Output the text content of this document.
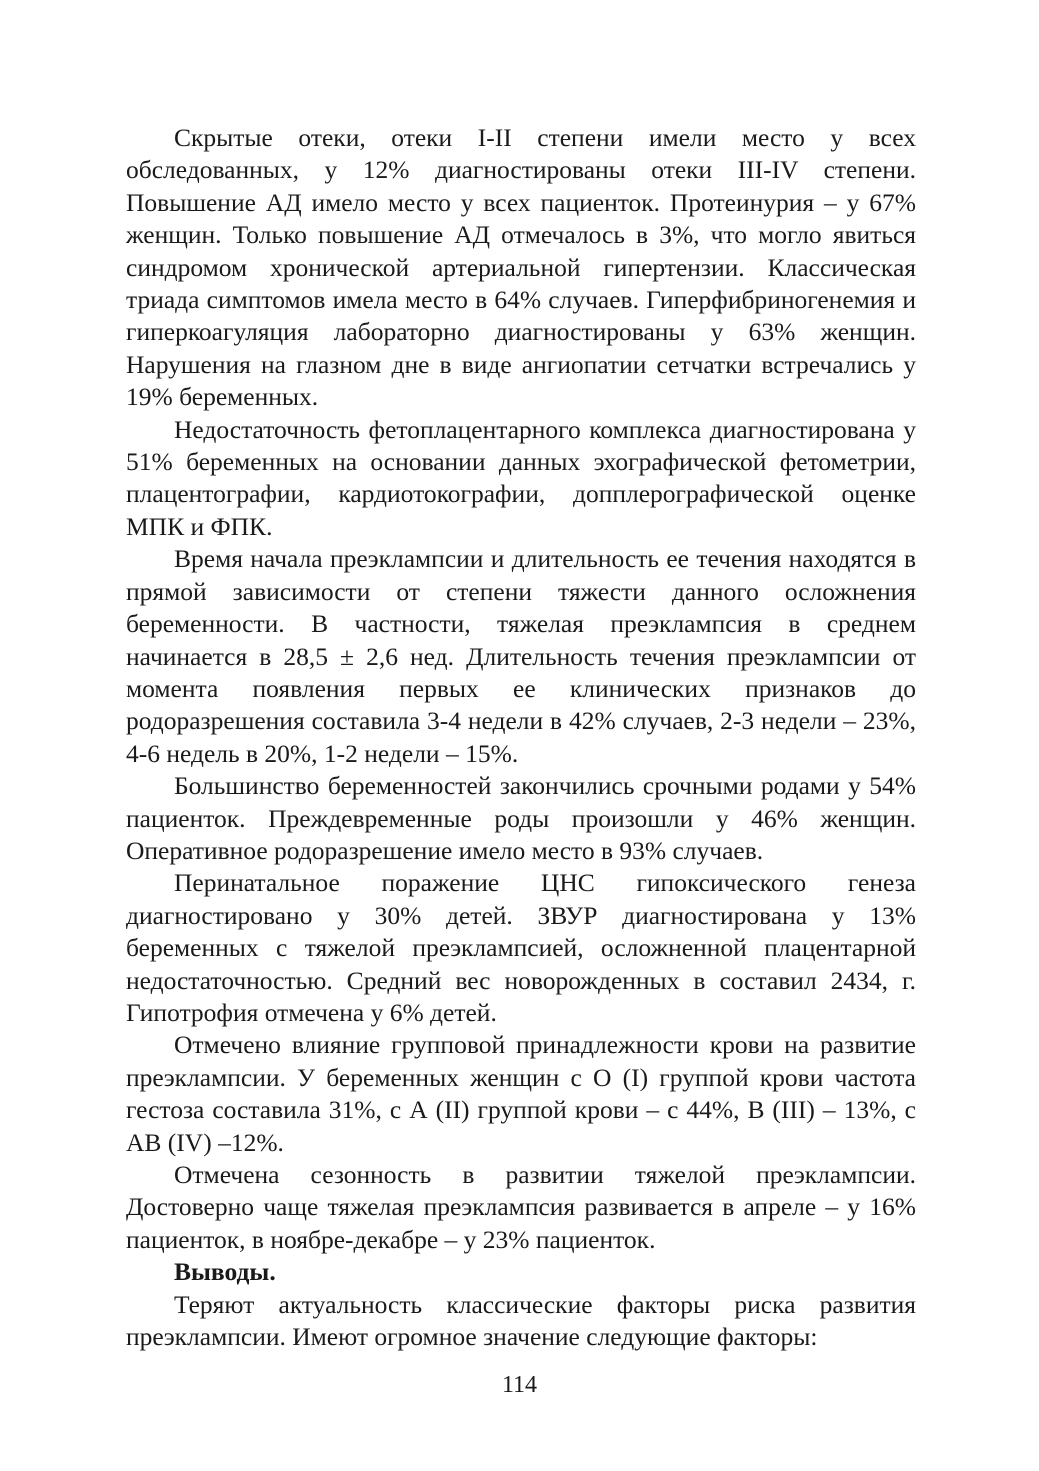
Скрытые отеки, отеки I-II степени имели место у всех обследованных, у 12% диагностированы отеки III-IV степени. Повышение АД имело место у всех пациенток. Протеинурия – у 67% женщин. Только повышение АД отмечалось в 3%, что могло явиться синдромом хронической артериальной гипертензии. Классическая триада симптомов имела место в 64% случаев. Гиперфибриногенемия и гиперкоагуляция лабораторно диагностированы у 63% женщин. Нарушения на глазном дне в виде ангиопатии сетчатки встречались у 19% беременных.

Недостаточность фетоплацентарного комплекса диагностирована у 51% беременных на основании данных эхографической фетометрии, плацентографии, кардиотокографии, допплерографической оценке МПК и ФПК.

Время начала преэклампсии и длительность ее течения находятся в прямой зависимости от степени тяжести данного осложнения беременности. В частности, тяжелая преэклампсия в среднем начинается в 28,5 ± 2,6 нед. Длительность течения преэклампсии от момента появления первых ее клинических признаков до родоразрешения составила 3-4 недели в 42% случаев, 2-3 недели – 23%, 4-6 недель в 20%, 1-2 недели – 15%.

Большинство беременностей закончились срочными родами у 54% пациенток. Преждевременные роды произошли у 46% женщин. Оперативное родоразрешение имело место в 93% случаев.

Перинатальное поражение ЦНС гипоксического генеза диагностировано у 30% детей. ЗВУР диагностирована у 13% беременных с тяжелой преэклампсией, осложненной плацентарной недостаточностью. Средний вес новорожденных в составил 2434, г. Гипотрофия отмечена у 6% детей.

Отмечено влияние групповой принадлежности крови на развитие преэклампсии. У беременных женщин с О (I) группой крови частота гестоза составила 31%, с А (II) группой крови – с 44%, В (III) – 13%, с АВ (IV) –12%.

Отмечена сезонность в развитии тяжелой преэклампсии. Достоверно чаще тяжелая преэклампсия развивается в апреле – у 16% пациенток, в ноябре-декабре – у 23% пациенток.

Выводы.

Теряют актуальность классические факторы риска развития преэклампсии. Имеют огромное значение следующие факторы:

114
